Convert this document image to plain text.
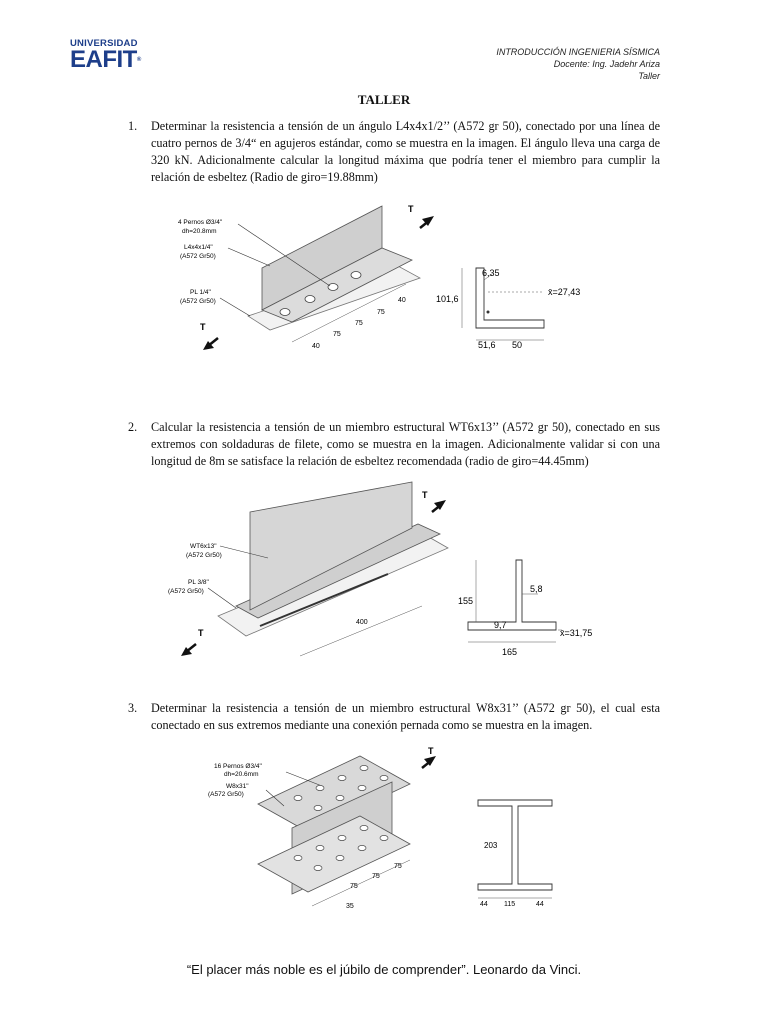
UNIVERSIDAD
EAFIT®
INTRODUCCIÓN INGENIERIA SÍSMICA
Docente: Ing. Jadehr Ariza
Taller
TALLER
1. Determinar la resistencia a tensión de un ángulo L4x4x1/2’’ (A572 gr 50), conectado por una línea de cuatro pernos de 3/4“ en agujeros estándar, como se muestra en la imagen. El ángulo lleva una carga de 320 kN. Adicionalmente calcular la longitud máxima que podría tener el miembro para cumplir la relación de esbeltez (Radio de giro=19.88mm)
4 Pernos Ø3/4"
dh=20.8mm
L4x4x1/4"
(A572 Gr50)
PL 1/4"
(A572 Gr50)
T
T
40
75
75
75
40	101,6
6,35
x̄=27,43
51,6 50
2. Calcular la resistencia a tensión de un miembro estructural WT6x13’’ (A572 gr 50), conectado en sus extremos con soldaduras de filete, como se muestra en la imagen. Adicionalmente validar si con una longitud de 8m se satisface la relación de esbeltez recomendada (radio de giro=44.45mm)
WT6x13"
(A572 Gr50)
PL 3/8"
(A572 Gr50)
T
T
400
155
5,8
9,7
x̄=31,75
165
3. Determinar la resistencia a tensión de un miembro estructural W8x31’’ (A572 gr 50), el cual esta conectado en sus extremos mediante una conexión pernada como se muestra en la imagen.
16 Pernos Ø3/4"
dh=20.6mm
W8x31"
(A572 Gr50)
T
35
75
75
75
203
44 115	44
“El placer más noble es el júbilo de comprender”. Leonardo da Vinci.
